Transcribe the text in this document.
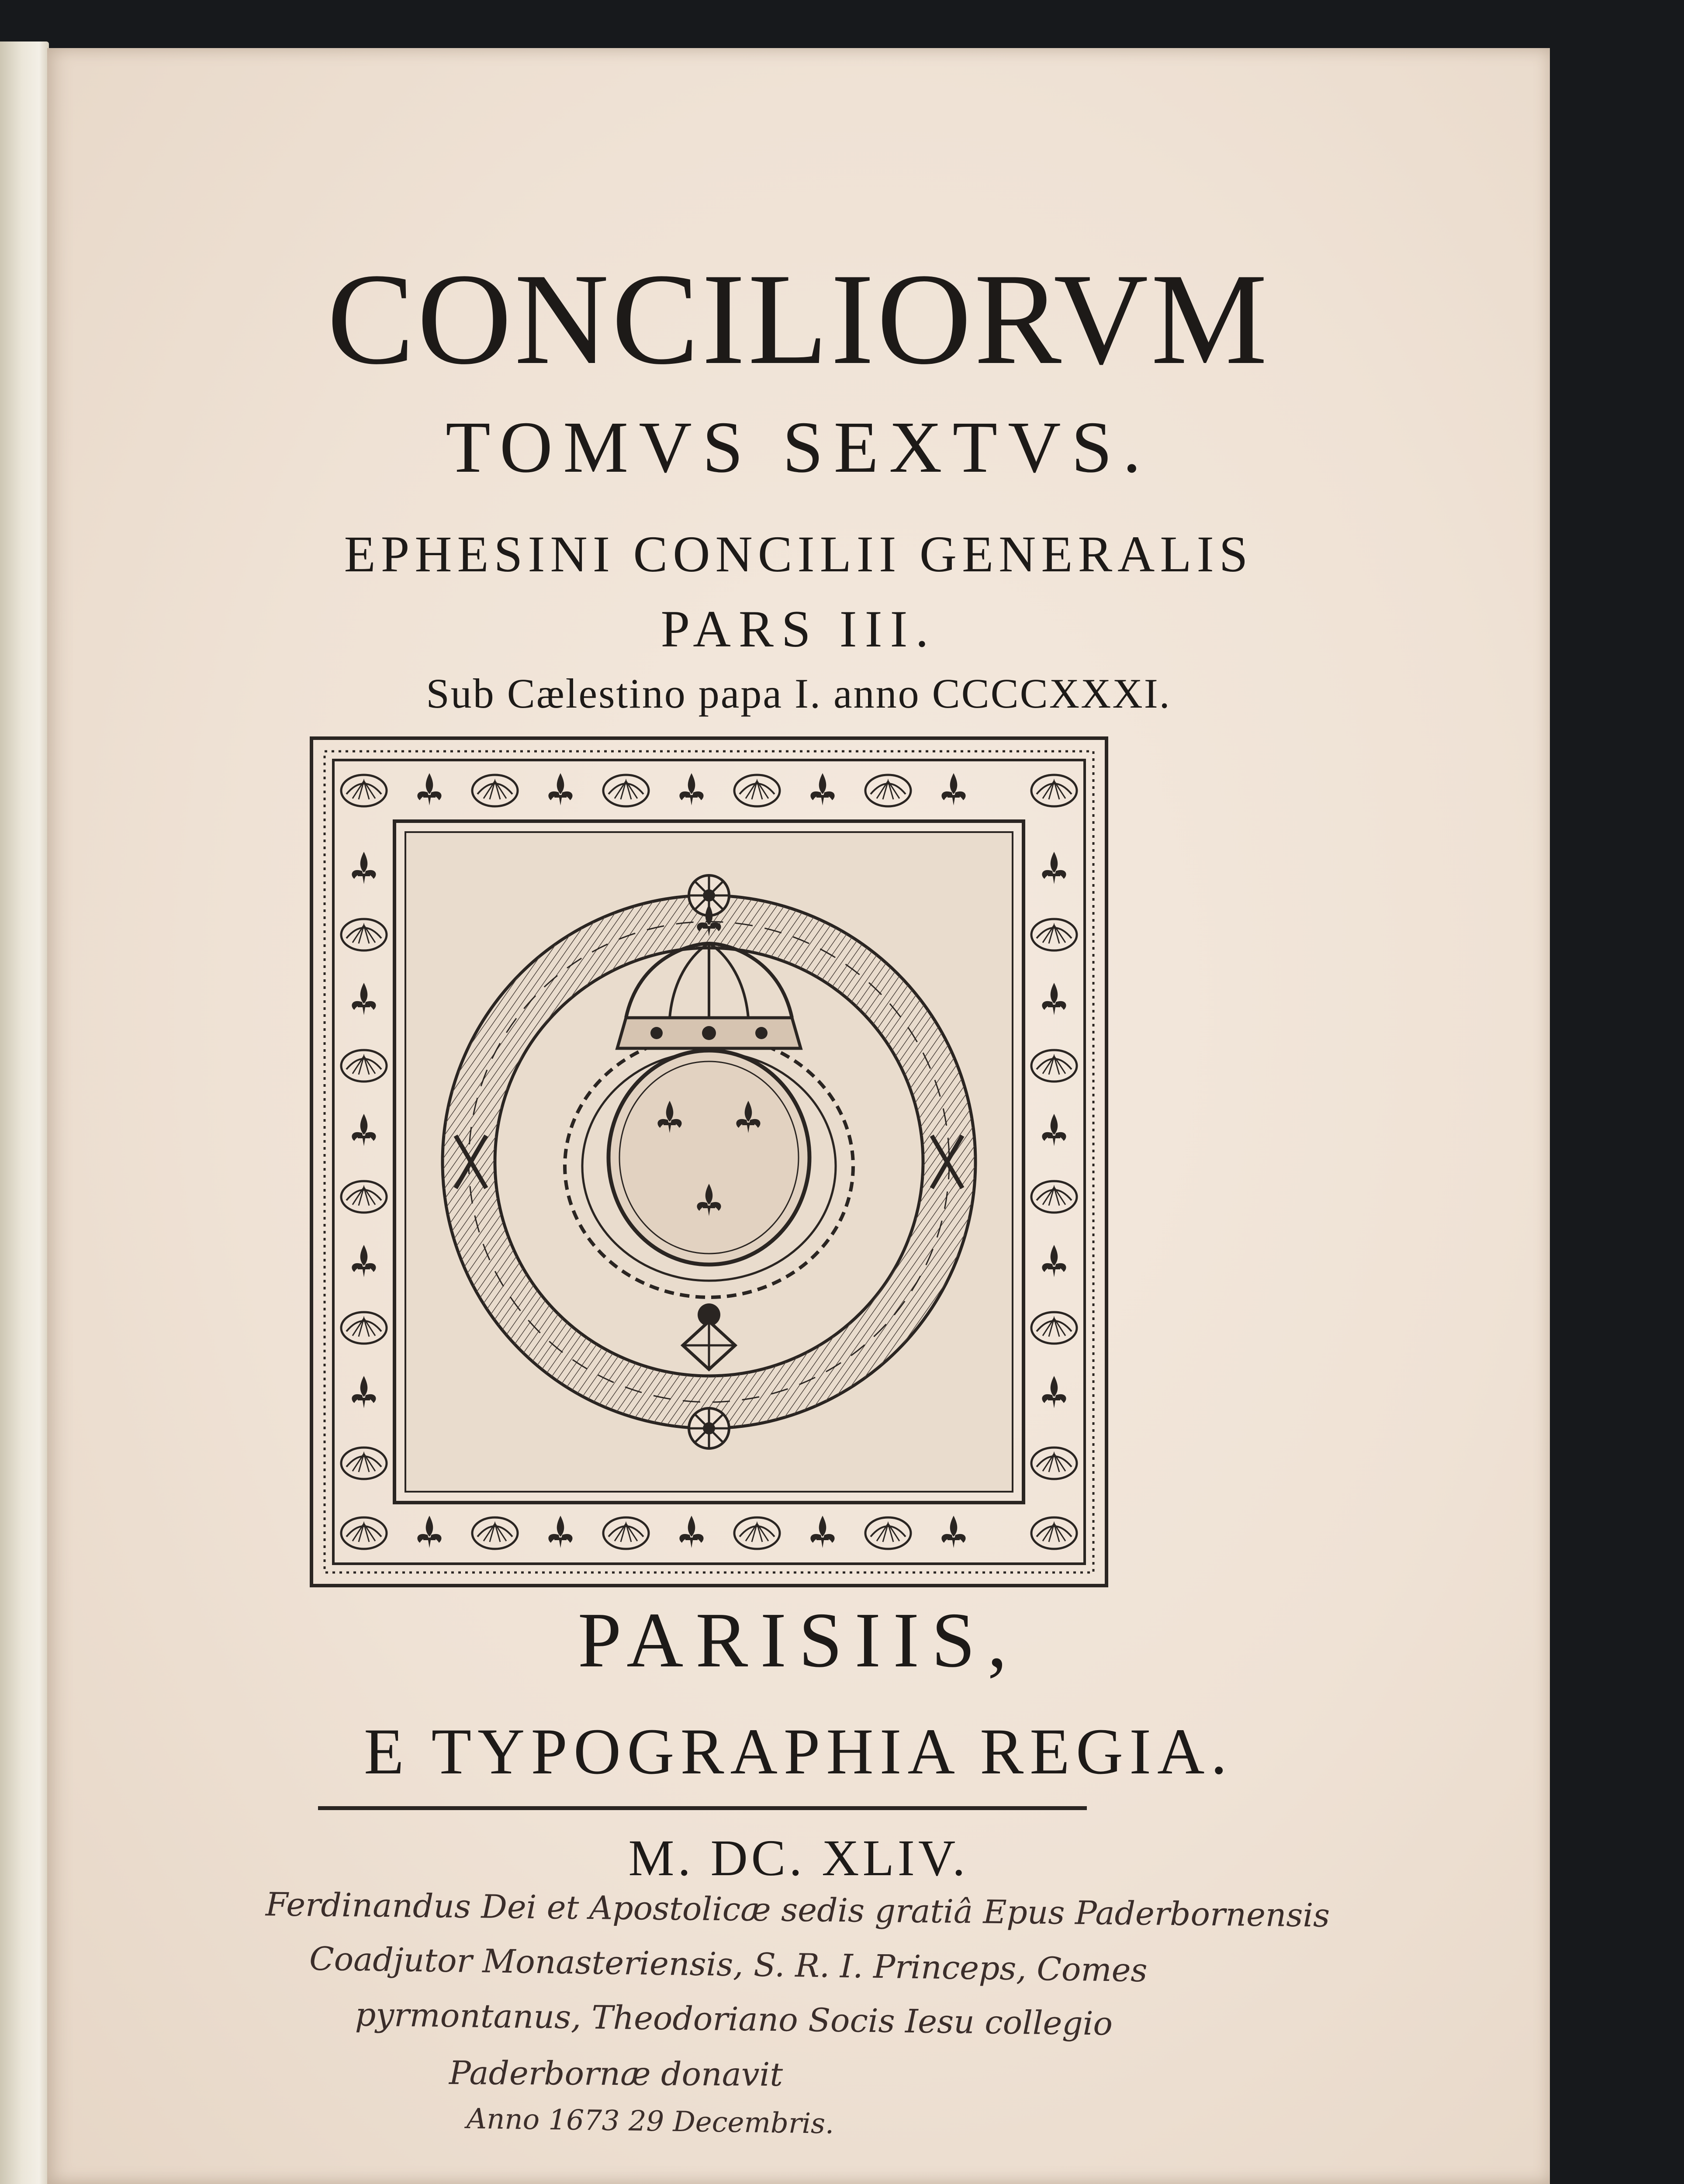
CONCILIORVM
TOMVS SEXTVS.
EPHESINI CONCILII GENERALIS
PARS III.
Sub Cælestino papa I. anno CCCCXXXI.
PARISIIS,
E TYPOGRAPHIA REGIA.
M. DC. XLIV.
Ferdinandus Dei et Apostolicæ sedis gratiâ Epus Paderbornensis
Coadjutor Monasteriensis, S. R. I. Princeps, Comes
pyrmontanus, Theodoriano Socis Iesu collegio
Paderbornæ donavit
Anno 1673 29 Decembris.
